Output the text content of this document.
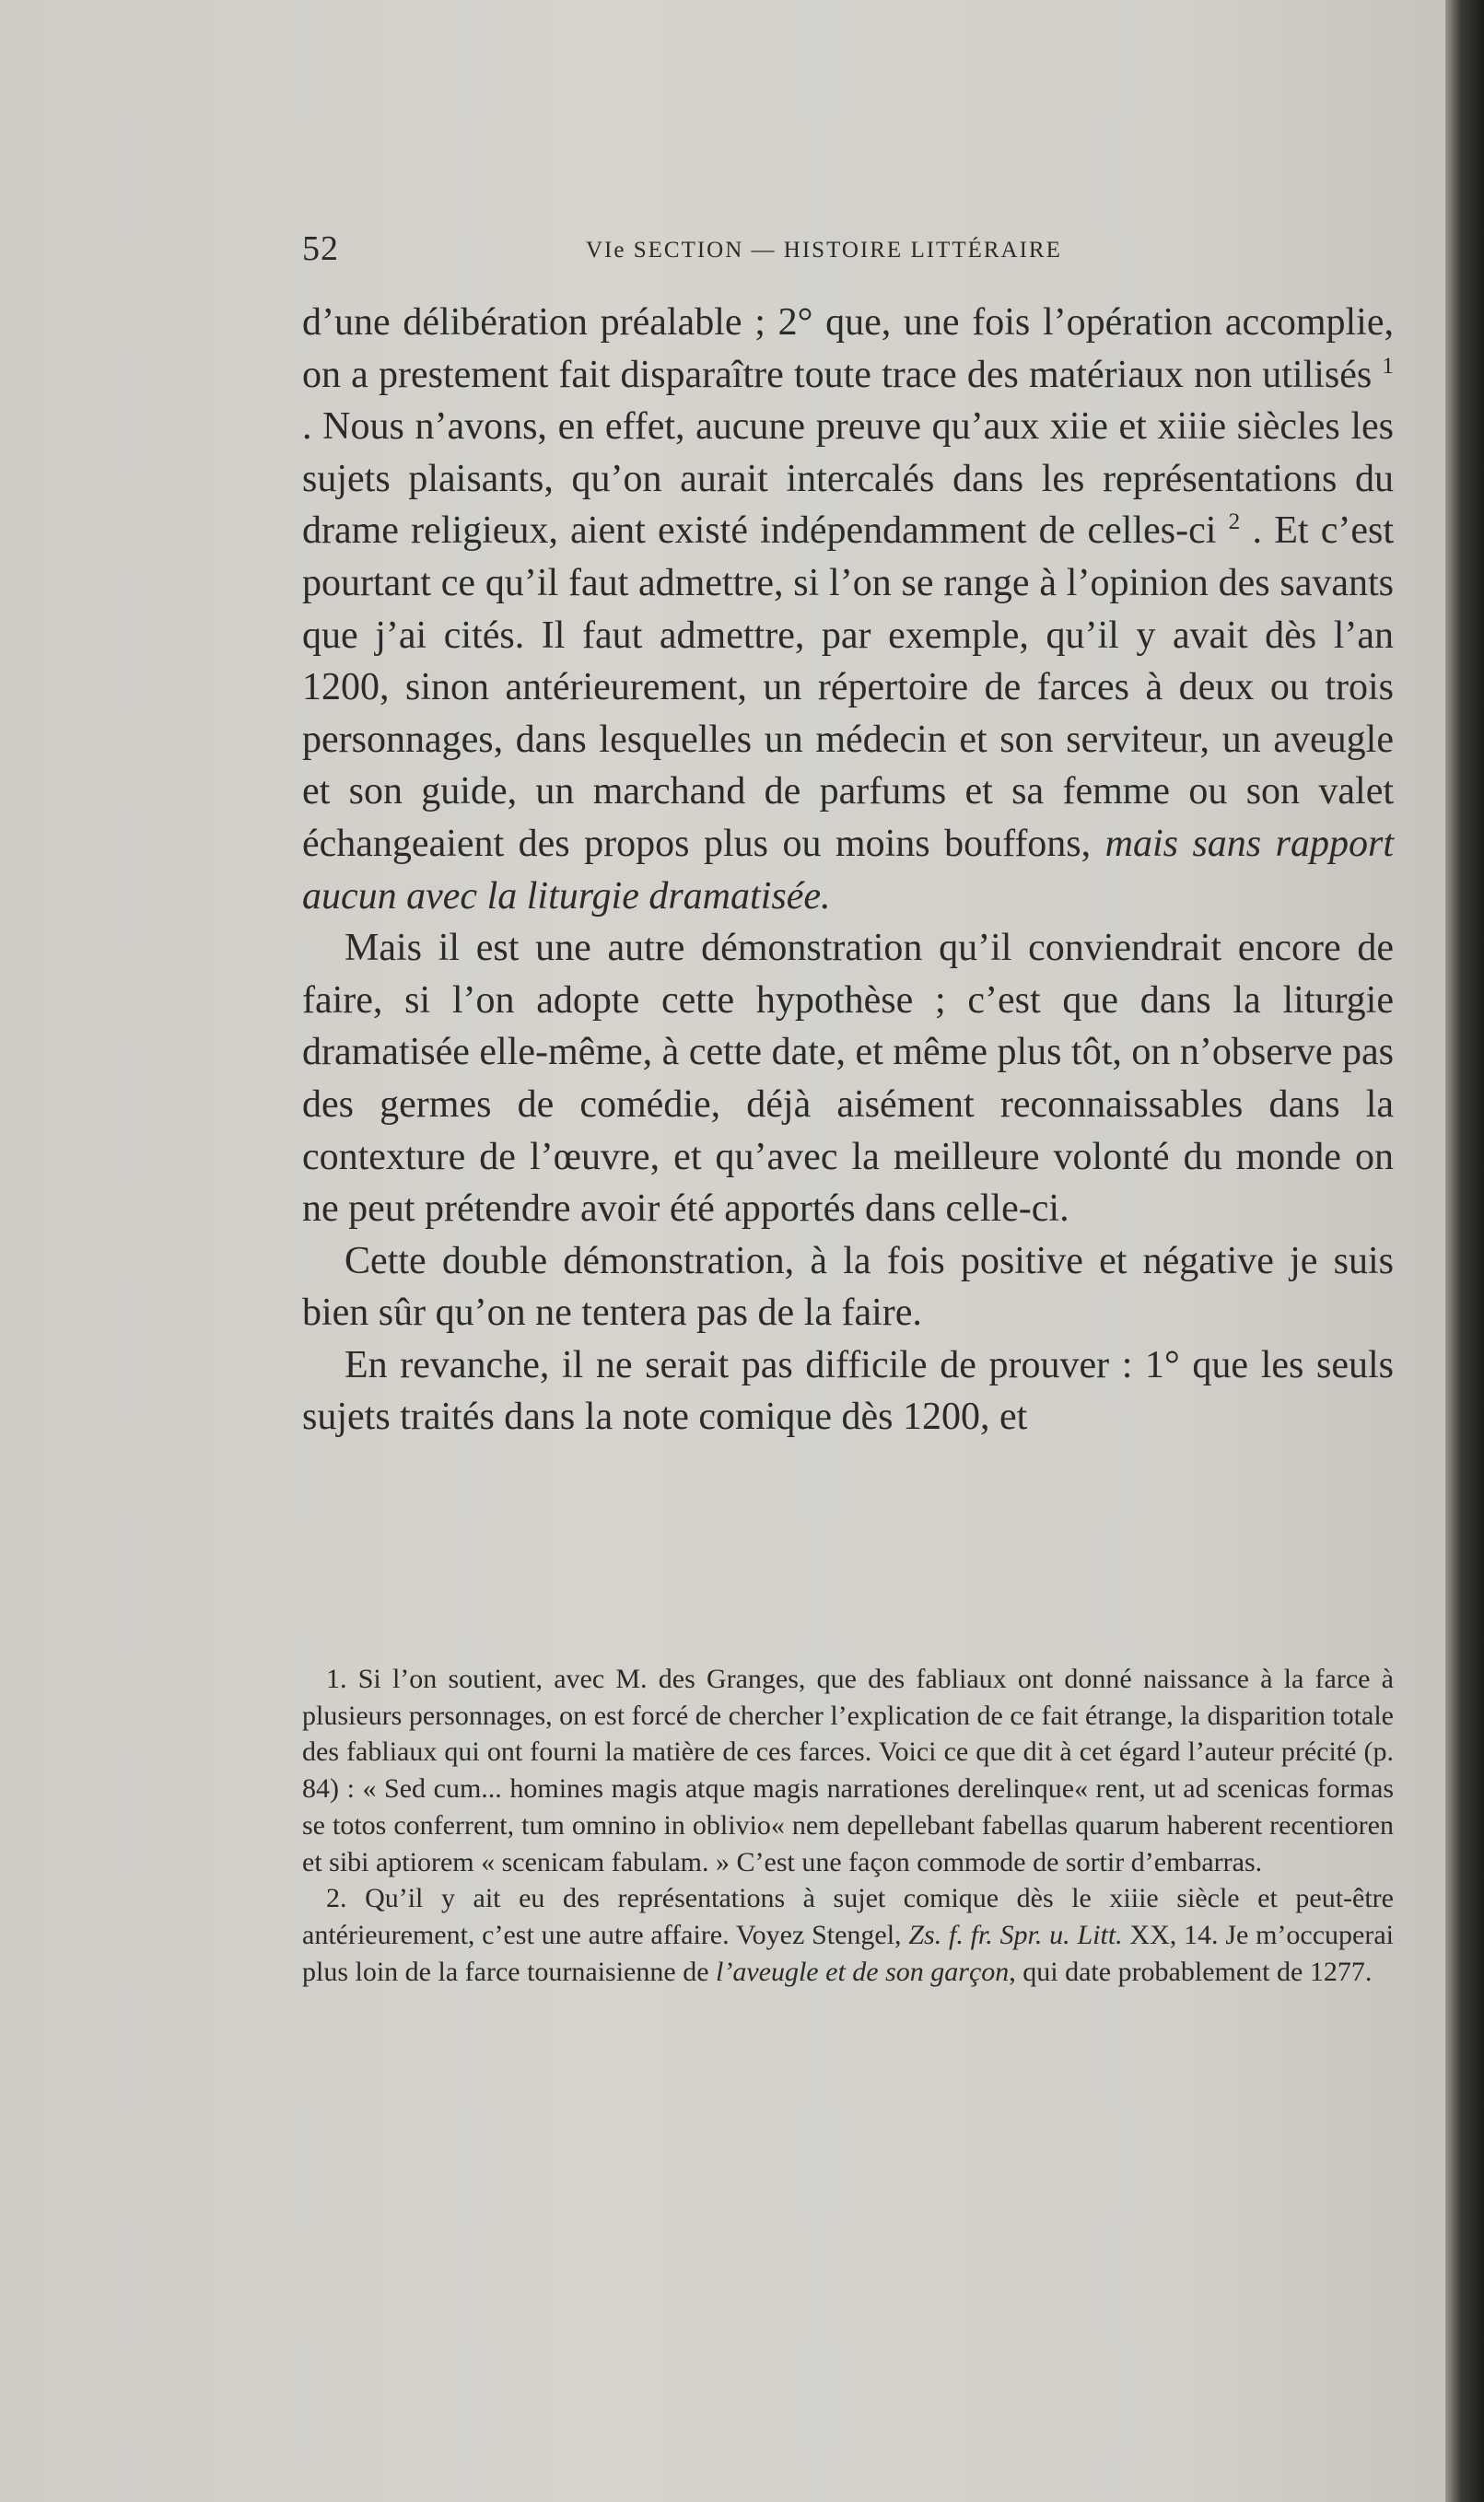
52	VIe SECTION — HISTOIRE LITTÉRAIRE

d’une délibération préalable ; 2° que, une fois l’opération accomplie, on a prestement fait disparaître toute trace des matériaux non utilisés $^1$ . Nous n’avons, en effet, aucune preuve qu’aux xiie et xiiie siècles les sujets plaisants, qu’on aurait intercalés dans les représentations du drame religieux, aient existé indépendamment de celles-ci $^2$ . Et c’est pourtant ce qu’il faut admettre, si l’on se range à l’opinion des savants que j’ai cités. Il faut admettre, par exemple, qu’il y avait dès l’an 1200, sinon antérieurement, un répertoire de farces à deux ou trois personnages, dans lesquelles un médecin et son serviteur, un aveugle et son guide, un marchand de parfums et sa femme ou son valet échangeaient des propos plus ou moins bouffons, mais sans rapport aucun avec la liturgie dramatisée.

Mais il est une autre démonstration qu’il conviendrait encore de faire, si l’on adopte cette hypothèse ; c’est que dans la liturgie dramatisée elle-même, à cette date, et même plus tôt, on n’observe pas des germes de comédie, déjà aisément reconnaissables dans la contexture de l’œuvre, et qu’avec la meilleure volonté du monde on ne peut prétendre avoir été apportés dans celle-ci.

Cette double démonstration, à la fois positive et négative je suis bien sûr qu’on ne tentera pas de la faire.

En revanche, il ne serait pas difficile de prouver : 1° que les seuls sujets traités dans la note comique dès 1200, et

1. Si l’on soutient, avec M. des Granges, que des fabliaux ont donné naissance à la farce à plusieurs personnages, on est forcé de chercher l’explication de ce fait étrange, la disparition totale des fabliaux qui ont fourni la matière de ces farces. Voici ce que dit à cet égard l’auteur précité (p. 84) : « Sed cum... homines magis atque magis narrationes derelinque« rent, ut ad scenicas formas se totos conferrent, tum omnino in oblivio« nem depellebant fabellas quarum haberent recentioren et sibi aptiorem « scenicam fabulam. » C’est une façon commode de sortir d’embarras.

2. Qu’il y ait eu des représentations à sujet comique dès le xiiie siècle et peut-être antérieurement, c’est une autre affaire. Voyez Stengel, Zs. f. fr. Spr. u. Litt. XX, 14. Je m’occuperai plus loin de la farce tournaisienne de l’aveugle et de son garçon, qui date probablement de 1277.
